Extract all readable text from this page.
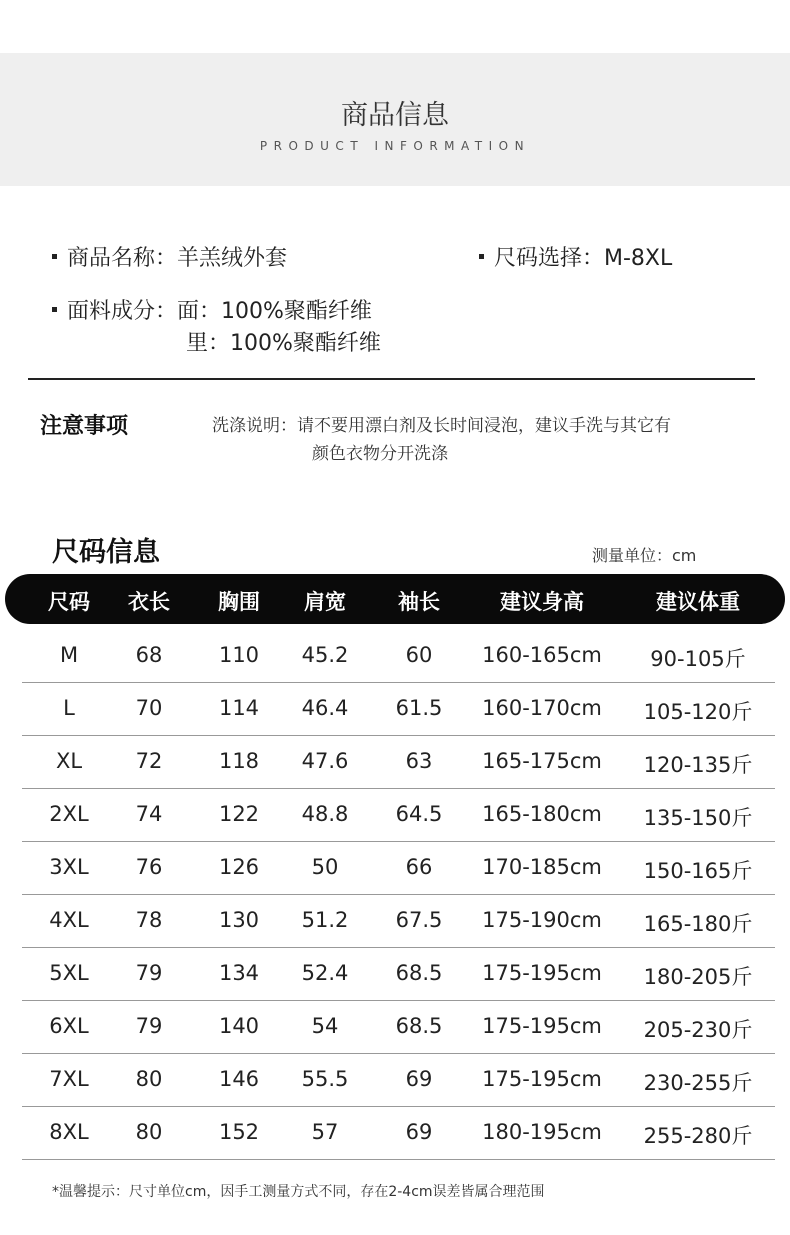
商品信息
PRODUCT INFORMATION
商品名称：羊羔绒外套	尺码选择：M-8XL
面料成分：面：100%聚酯纤维
里：100%聚酯纤维
注意事项	洗涤说明：请不要用漂白剂及长时间浸泡，建议手洗与其它有
颜色衣物分开洗涤
尺码信息	测量单位：cm
尺码	衣长	胸围	肩宽	袖长	建议身高	建议体重
M	68	110	45.2	60	160-165cm	90-105斤
L	70	114	46.4	61.5	160-170cm	105-120斤
XL	72	118	47.6	63	165-175cm	120-135斤
2XL	74	122	48.8	64.5	165-180cm	135-150斤
3XL	76	126	50	66	170-185cm	150-165斤
4XL	78	130	51.2	67.5	175-190cm	165-180斤
5XL	79	134	52.4	68.5	175-195cm	180-205斤
6XL	79	140	54	68.5	175-195cm	205-230斤
7XL	80	146	55.5	69	175-195cm	230-255斤
8XL	80	152	57	69	180-195cm	255-280斤
*温馨提示：尺寸单位cm，因手工测量方式不同，存在2-4cm误差皆属合理范围
